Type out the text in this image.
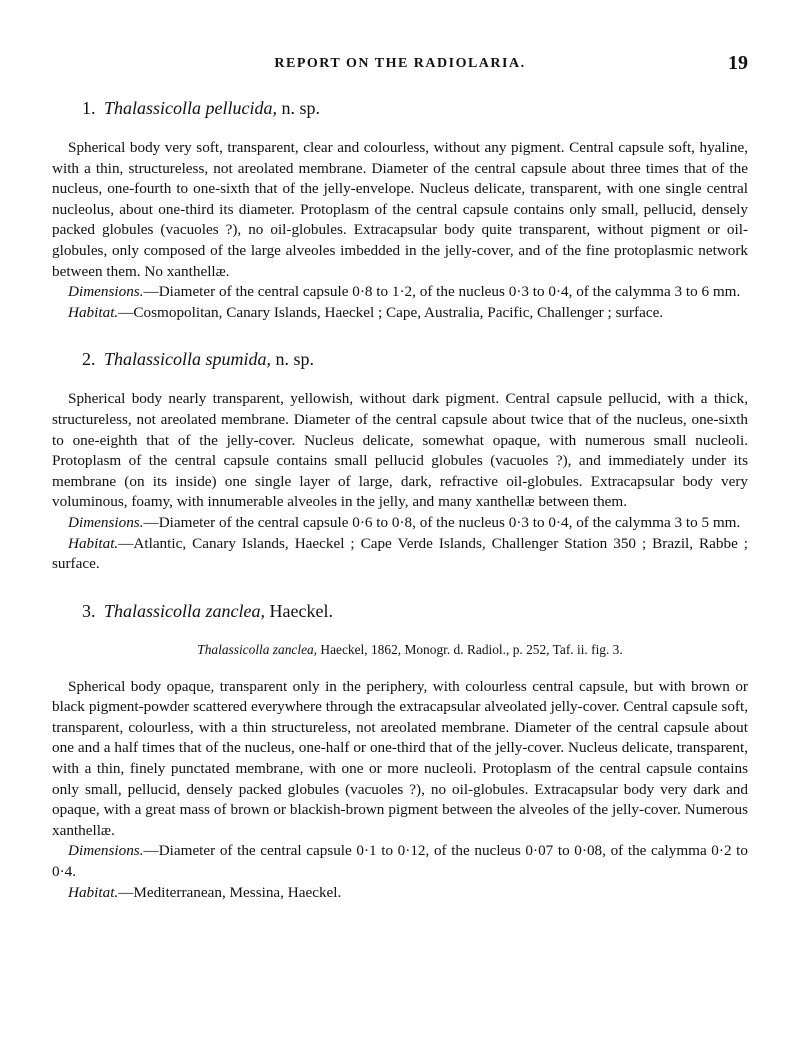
REPORT ON THE RADIOLARIA.	19
1. Thalassicolla pellucida, n. sp.

Spherical body very soft, transparent, clear and colourless, without any pigment. Central capsule soft, hyaline, with a thin, structureless, not areolated membrane. Diameter of the central capsule about three times that of the nucleus, one-fourth to one-sixth that of the jelly-envelope. Nucleus delicate, transparent, with one single central nucleolus, about one-third its diameter. Protoplasm of the central capsule contains only small, pellucid, densely packed globules (vacuoles ?), no oil-globules. Extracapsular body quite transparent, without pigment or oil-globules, only composed of the large alveoles imbedded in the jelly-cover, and of the fine protoplasmic network between them. No xanthellæ.

Dimensions.—Diameter of the central capsule 0·8 to 1·2, of the nucleus 0·3 to 0·4, of the calymma 3 to 6 mm.

Habitat.—Cosmopolitan, Canary Islands, Haeckel ; Cape, Australia, Pacific, Challenger ; surface.

2. Thalassicolla spumida, n. sp.

Spherical body nearly transparent, yellowish, without dark pigment. Central capsule pellucid, with a thick, structureless, not areolated membrane. Diameter of the central capsule about twice that of the nucleus, one-sixth to one-eighth that of the jelly-cover. Nucleus delicate, somewhat opaque, with numerous small nucleoli. Protoplasm of the central capsule contains small pellucid globules (vacuoles ?), and immediately under its membrane (on its inside) one single layer of large, dark, refractive oil-globules. Extracapsular body very voluminous, foamy, with innumerable alveoles in the jelly, and many xanthellæ between them.

Dimensions.—Diameter of the central capsule 0·6 to 0·8, of the nucleus 0·3 to 0·4, of the calymma 3 to 5 mm.

Habitat.—Atlantic, Canary Islands, Haeckel ; Cape Verde Islands, Challenger Station 350 ; Brazil, Rabbe ; surface.

3. Thalassicolla zanclea, Haeckel.

Thalassicolla zanclea, Haeckel, 1862, Monogr. d. Radiol., p. 252, Taf. ii. fig. 3.

Spherical body opaque, transparent only in the periphery, with colourless central capsule, but with brown or black pigment-powder scattered everywhere through the extracapsular alveolated jelly-cover. Central capsule soft, transparent, colourless, with a thin structureless, not areolated membrane. Diameter of the central capsule about one and a half times that of the nucleus, one-half or one-third that of the jelly-cover. Nucleus delicate, transparent, with a thin, finely punctated membrane, with one or more nucleoli. Protoplasm of the central capsule contains only small, pellucid, densely packed globules (vacuoles ?), no oil-globules. Extracapsular body very dark and opaque, with a great mass of brown or blackish-brown pigment between the alveoles of the jelly-cover. Numerous xanthellæ.

Dimensions.—Diameter of the central capsule 0·1 to 0·12, of the nucleus 0·07 to 0·08, of the calymma 0·2 to 0·4.

Habitat.—Mediterranean, Messina, Haeckel.
